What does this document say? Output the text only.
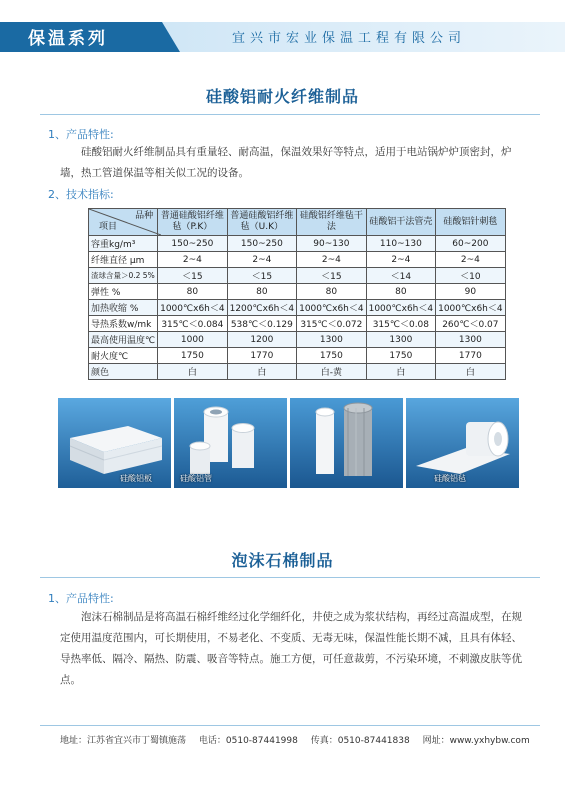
保温系列	宜兴市宏业保温工程有限公司
硅酸铝耐火纤维制品
1、产品特性:
硅酸铝耐火纤维制品具有重量轻、耐高温，保温效果好等特点，适用于电站锅炉炉顶密封，炉墙，热工管道保温等相关似工况的设备。
2、技术指标:
品种
项目	普通硅酸铝纤维毡（P.K）	普通硅酸铝纤维毡（U.K）	硅酸铝纤维毡干法	硅酸铝干法管壳	硅酸铝针刺毯
容重kg/m³	150~250	150~250	90~130	110~130	60~200
纤维直径 μm	2~4	2~4	2~4	2~4	2~4
渣球含量＞0.2 5%	＜15	＜15	＜15	＜14	＜10
弹性 %	80	80	80	80	90
加热收缩 %	1000℃x6h＜4	1200℃x6h＜4	1000℃x6h＜4	1000℃x6h＜4	1000℃x6h＜4
导热系数w/mk	315℃＜0.084	538℃＜0.129	315℃＜0.072	315℃＜0.08	260℃＜0.07
最高使用温度℃	1000	1200	1300	1300	1300
耐火度℃	1750	1770	1750	1750	1770
颜色	白	白	白-黄	白	白
硅酸铝板	硅酸铝管	硅酸铝毡
泡沫石棉制品
1、产品特性:
泡沫石棉制品是将高温石棉纤维经过化学细纤化，井使之成为浆状结构，再经过高温成型，在规定使用温度范围内，可长期使用，不易老化、不变质、无毒无味，保温性能长期不减，且具有体轻、导热率低、隔冷、隔热、防震、吸音等特点。施工方便，可任意裁剪，不污染环境，不刺激皮肤等优点。
地址：江苏省宜兴市丁蜀镇施荡 电话：0510-87441998 传真：0510-87441838 网址：www.yxhybw.com
